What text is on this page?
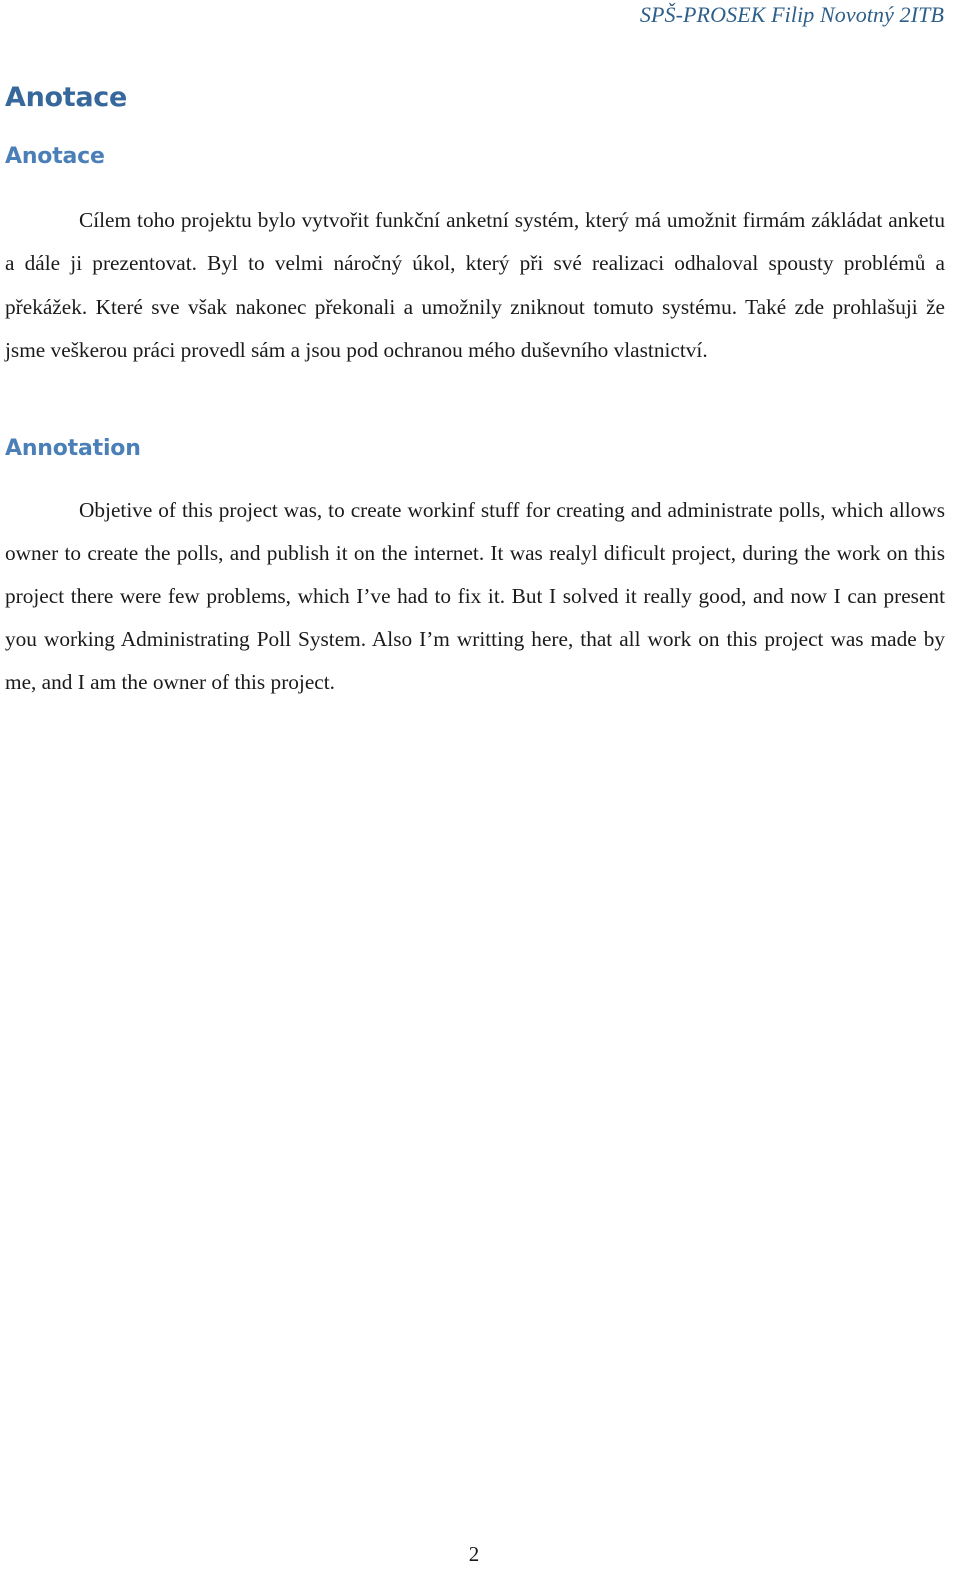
SPŠ-PROSEK Filip Novotný 2ITB
Anotace
Anotace

Cílem toho projektu bylo vytvořit funkční anketní systém, který má umožnit firmám zákládat anketu a dále ji prezentovat. Byl to velmi náročný úkol, který při své realizaci odhaloval spousty problémů a překážek. Které sve však nakonec překonali a umožnily zniknout tomuto systému. Také zde prohlašuji že jsme veškerou práci provedl sám a jsou pod ochranou mého duševního vlastnictví.

Annotation

Objetive of this project was, to create workinf stuff for creating and administrate polls, which allows owner to create the polls, and publish it on the internet. It was realyl dificult project, during the work on this project there were few problems, which I’ve had to fix it. But I solved it really good, and now I can present you working Administrating Poll System. Also I’m writting here, that all work on this project was made by me, and I am the owner of this project.

2
